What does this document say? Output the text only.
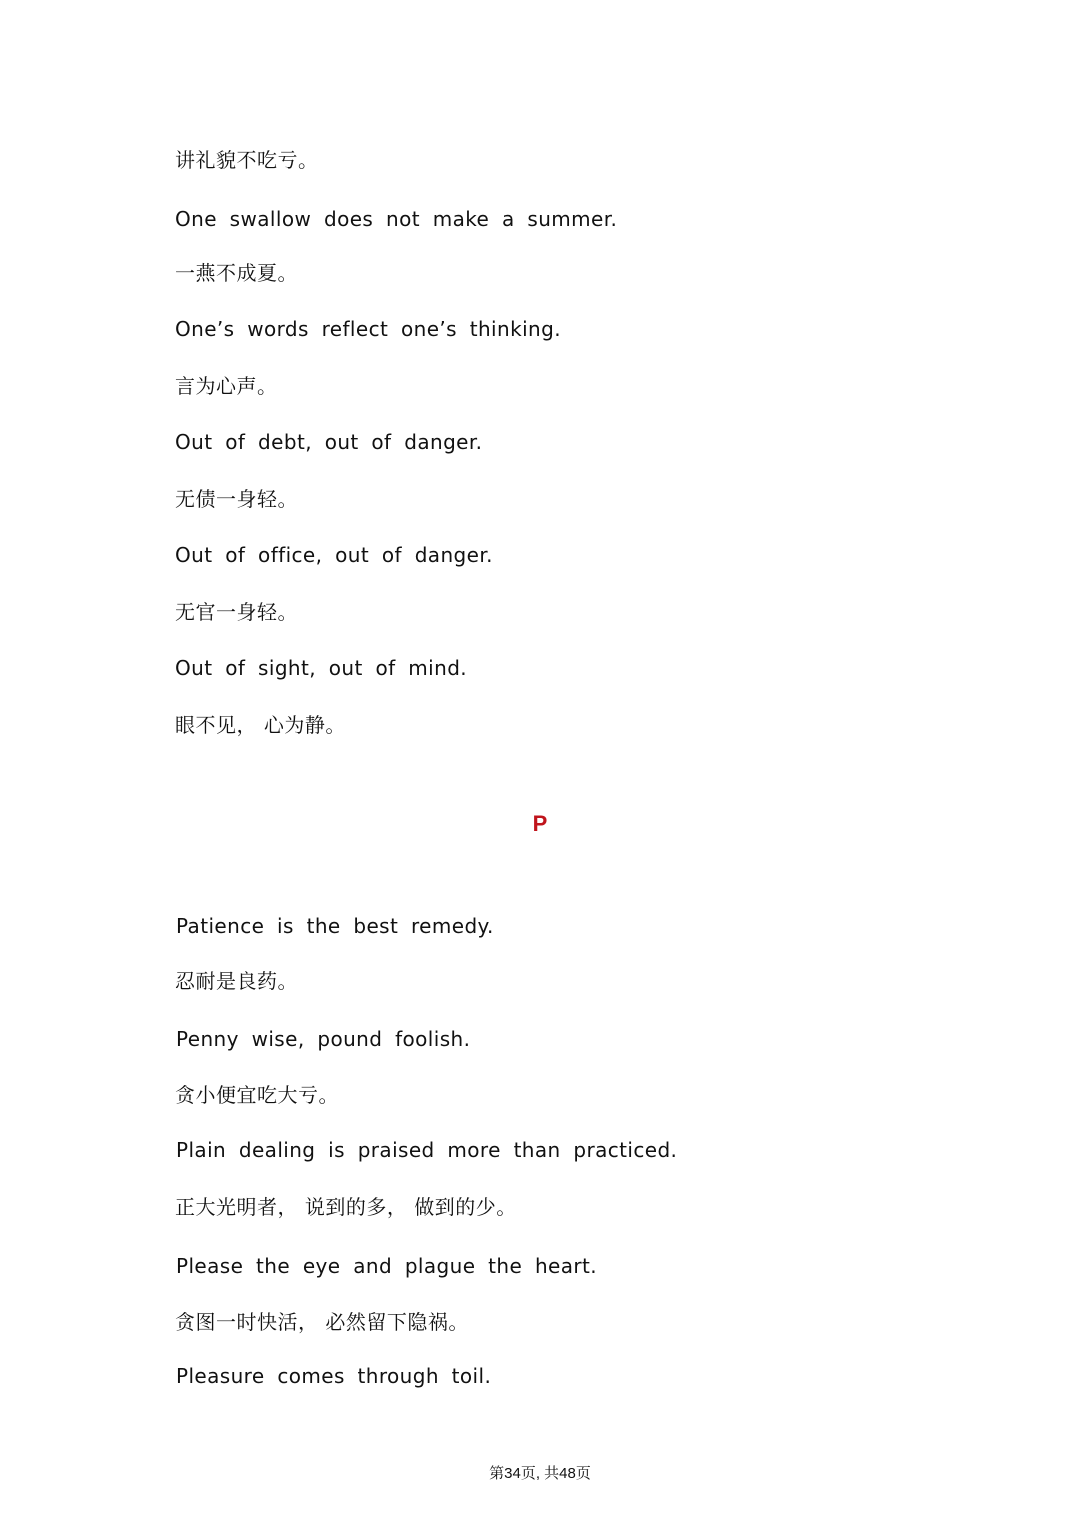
讲礼貌不吃亏。
One swallow does not make a summer.
一燕不成夏。
One’s words reflect one’s thinking.
言为心声。
Out of debt, out of danger.
无债一身轻。
Out of office, out of danger.
无官一身轻。
Out of sight, out of mind.
眼不见， 心为静。
P
Patience is the best remedy.
忍耐是良药。
Penny wise, pound foolish.
贪小便宜吃大亏。
Plain dealing is praised more than practiced.
正大光明者， 说到的多， 做到的少。
Please the eye and plague the heart.
贪图一时快活， 必然留下隐祸。
Pleasure comes through toil.
第34页, 共48页
